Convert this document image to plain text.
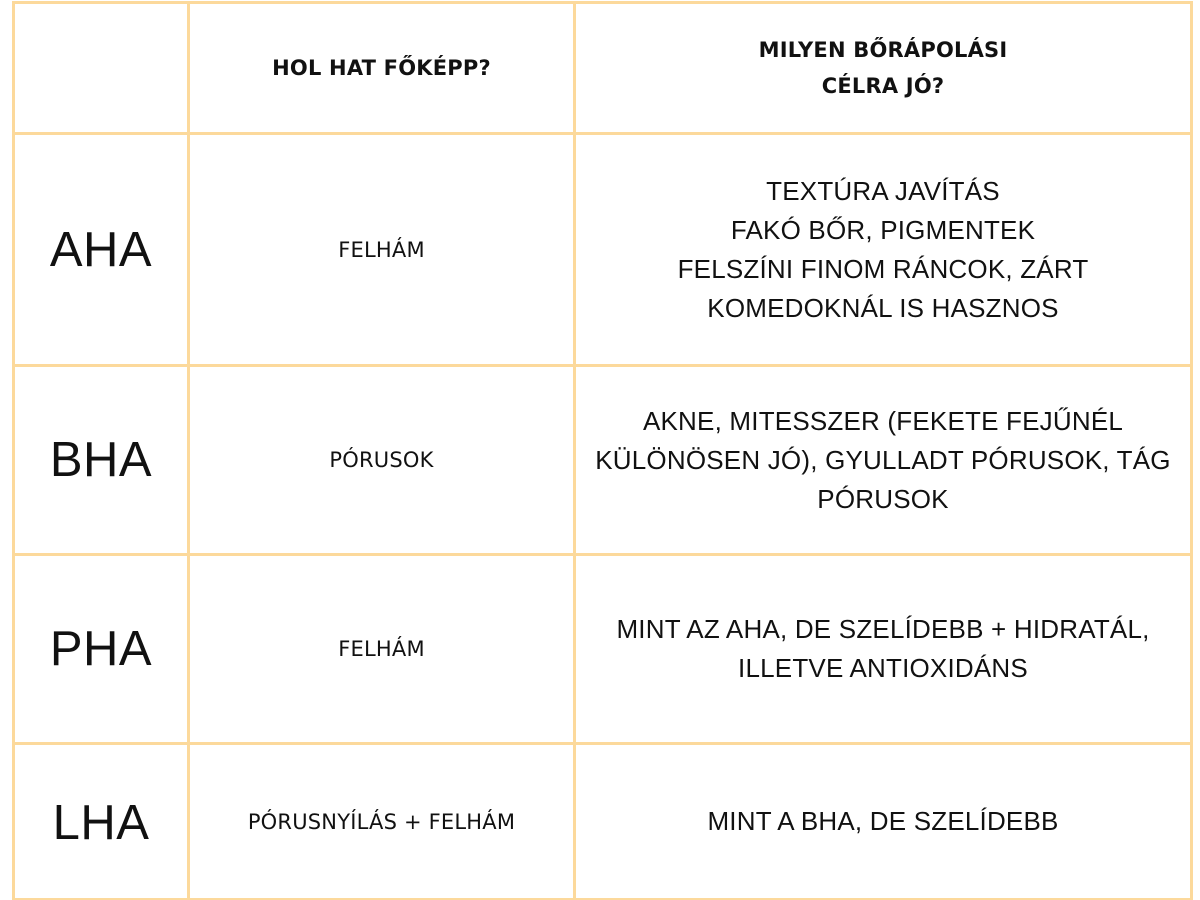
	HOL HAT FŐKÉPP?	MILYEN BŐRÁPOLÁSI
CÉLRA JÓ?

AHA	FELHÁM	TEXTÚRA JAVÍTÁS
FAKÓ BŐR, PIGMENTEK
FELSZÍNI FINOM RÁNCOK, ZÁRT
KOMEDOKNÁL IS HASZNOS

BHA	PÓRUSOK	AKNE, MITESSZER (FEKETE FEJŰNÉL
KÜLÖNÖSEN JÓ), GYULLADT PÓRUSOK, TÁG
PÓRUSOK

PHA	FELHÁM	MINT AZ AHA, DE SZELÍDEBB + HIDRATÁL,
ILLETVE ANTIOXIDÁNS

LHA	PÓRUSNYÍLÁS + FELHÁM	MINT A BHA, DE SZELÍDEBB
